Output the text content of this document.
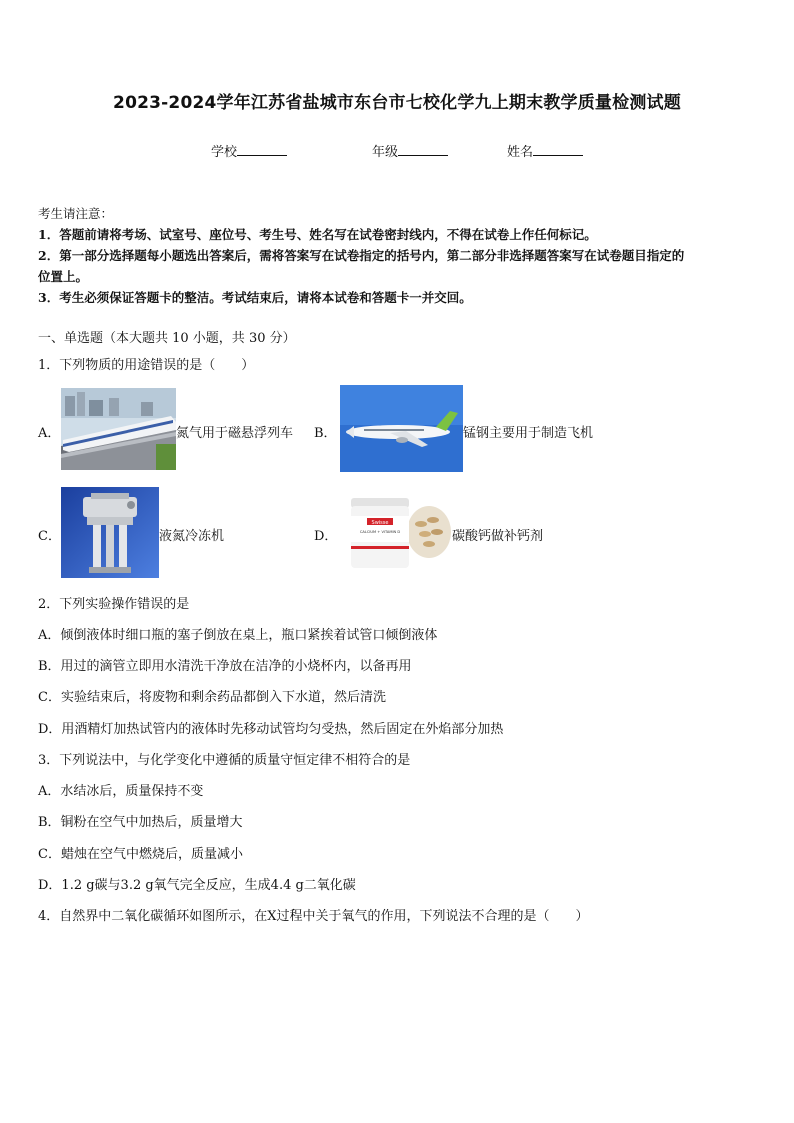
2023-2024学年江苏省盐城市东台市七校化学九上期末教学质量检测试题
学校	年级	姓名
考生请注意：
1．答题前请将考场、试室号、座位号、考生号、姓名写在试卷密封线内，不得在试卷上作任何标记。
2．第一部分选择题每小题选出答案后，需将答案写在试卷指定的括号内，第二部分非选择题答案写在试卷题目指定的
位置上。
3．考生必须保证答题卡的整洁。考试结束后，请将本试卷和答题卡一并交回。
一、单选题（本大题共 10 小题，共 30 分）
1．下列物质的用途错误的是（　　）
A．	氮气用于磁悬浮列车 B．	锰钢主要用于制造飞机
C．	液氮冷冻机	D．
Swisse
CALCIUM + VITAMIN D	碳酸钙做补钙剂
2．下列实验操作错误的是
A．倾倒液体时细口瓶的塞子倒放在桌上，瓶口紧挨着试管口倾倒液体
B．用过的滴管立即用水清洗干净放在洁净的小烧杯内，以备再用
C．实验结束后，将废物和剩余药品都倒入下水道，然后清洗
D．用酒精灯加热试管内的液体时先移动试管均匀受热，然后固定在外焰部分加热
3．下列说法中，与化学变化中遵循的质量守恒定律不相符合的是
A．水结冰后，质量保持不变
B．铜粉在空气中加热后，质量增大
C．蜡烛在空气中燃烧后，质量减小
D．1.2 g碳与3.2 g氧气完全反应，生成4.4 g二氧化碳
4．自然界中二氧化碳循环如图所示，在X过程中关于氧气的作用，下列说法不合理的是（　　）
